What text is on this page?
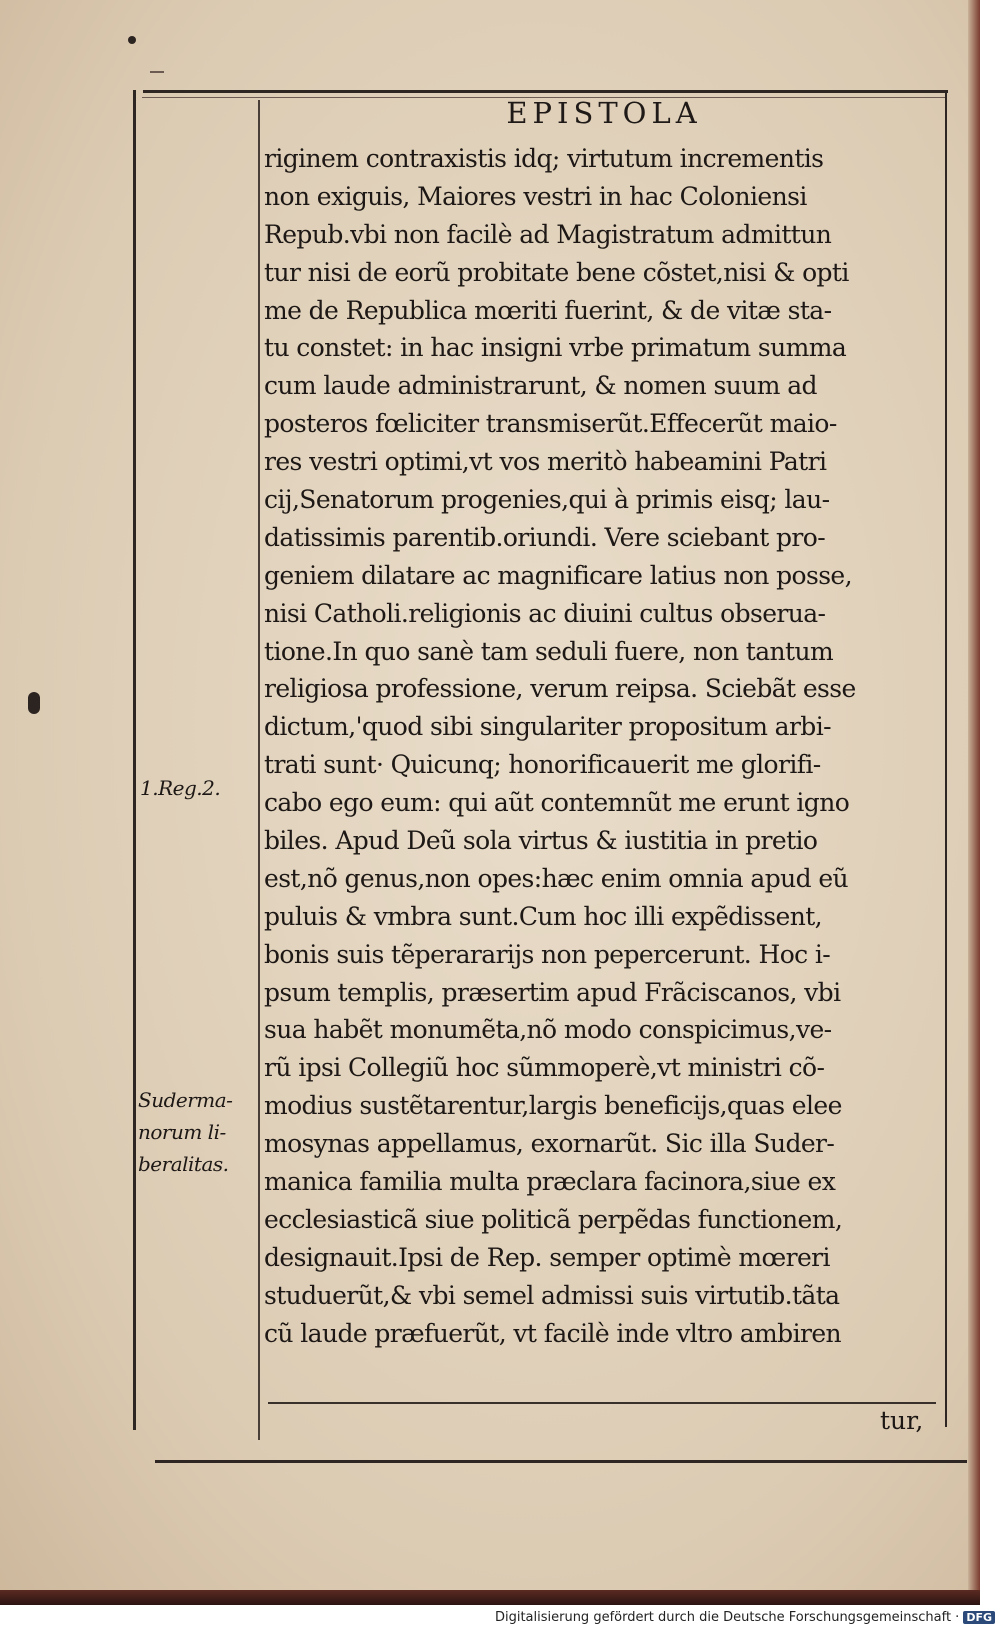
EPISTOLA
riginem contraxistis idq; virtutum incrementis
non exiguis, Maiores vestri in hac Coloniensi
Repub.vbi non facilè ad Magistratum admittun
tur nisi de eorũ probitate bene cõstet,nisi & opti
me de Republica mœriti fuerint, & de vitæ sta-
tu constet: in hac insigni vrbe primatum summa
cum laude administrarunt, & nomen suum ad
posteros fœliciter transmiserũt.Effecerũt maio-
res vestri optimi,vt vos meritò habeamini Patri
cij,Senatorum progenies,qui à primis eisq; lau-
datissimis parentib.oriundi. Vere sciebant pro-
geniem dilatare ac magnificare latius non posse,
nisi Catholi.religionis ac diuini cultus obserua-
tione.In quo sanè tam seduli fuere, non tantum
religiosa professione, verum reipsa. Sciebãt esse
dictum,'quod sibi singulariter propositum arbi-
trati sunt· Quicunq; honorificauerit me glorifi-
cabo ego eum: qui aũt contemnũt me erunt igno
biles. Apud Deũ sola virtus & iustitia in pretio
est,nõ genus,non opes:hæc enim omnia apud eũ
puluis & vmbra sunt.Cum hoc illi expẽdissent,
bonis suis tẽperararijs non pepercerunt. Hoc i-
psum templis, præsertim apud Frãciscanos, vbi
sua habẽt monumẽta,nõ modo conspicimus,ve-
rũ ipsi Collegiũ hoc sũmmoperè,vt ministri cõ-
modius sustẽtarentur,largis beneficijs,quas elee
mosynas appellamus, exornarũt. Sic illa Suder-
manica familia multa præclara facinora,siue ex
ecclesiasticã siue politicã perpẽdas functionem,
designauit.Ipsi de Rep. semper optimè mœreri
studuerũt,& vbi semel admissi suis virtutib.tãta
cũ laude præfuerũt, vt facilè inde vltro ambiren
tur,
1.Reg.2.
Suderma-
norum li-
beralitas.
Digitalisierung gefördert durch die Deutsche Forschungsgemeinschaft · DFG
